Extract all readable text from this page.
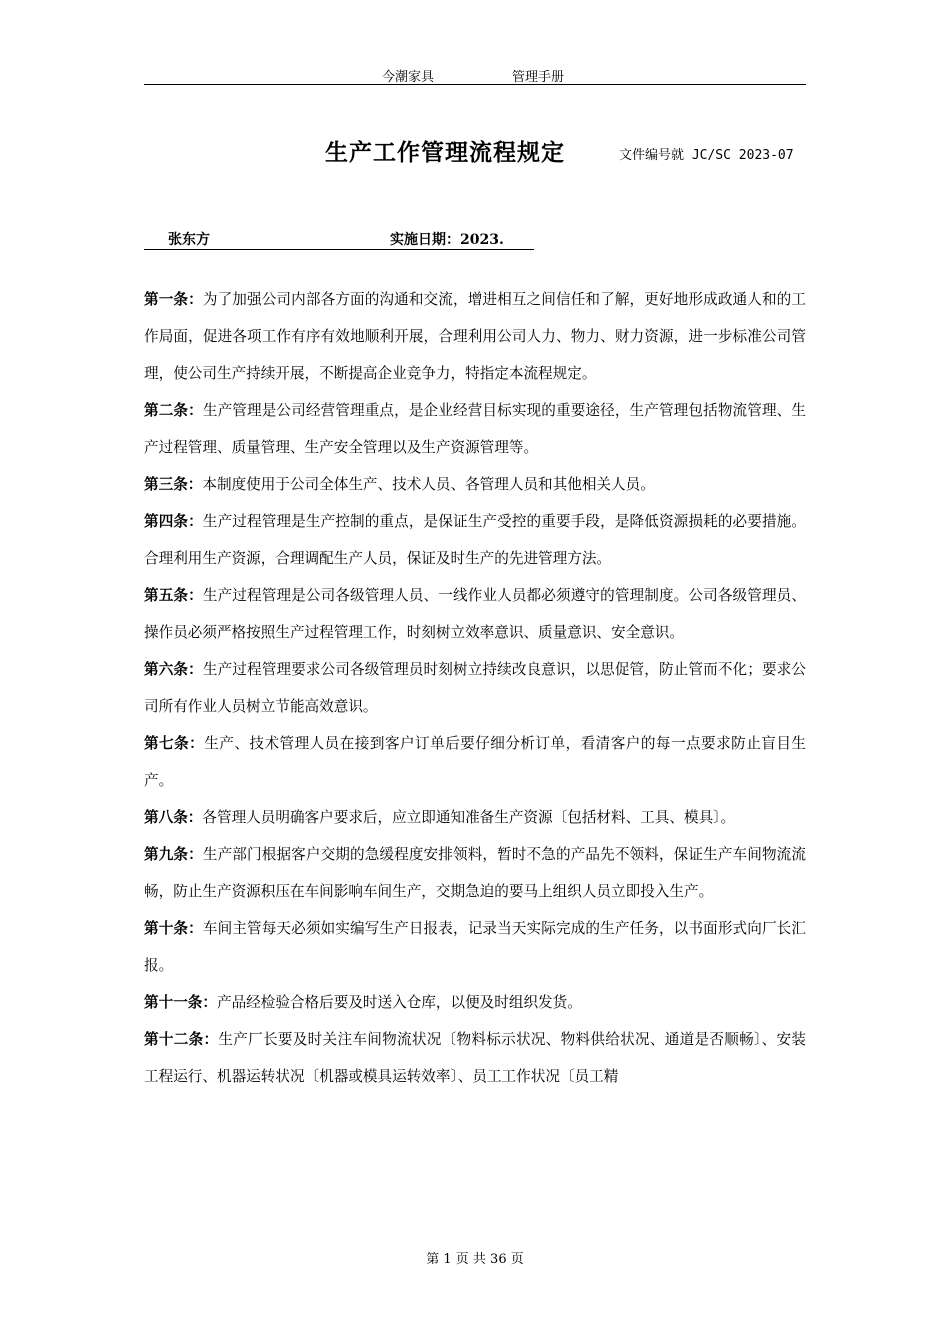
今潮家具	管理手册
生产工作管理流程规定	文件编号就 JC/SC 2023-07
张东方	实施日期：2023.

第一条：为了加强公司内部各方面的沟通和交流，增进相互之间信任和了解，更好地形成政通人和的工作局面，促进各项工作有序有效地顺利开展，合理利用公司人力、物力、财力资源，进一步标准公司管理，使公司生产持续开展，不断提高企业竞争力，特指定本流程规定。

第二条：生产管理是公司经营管理重点，是企业经营目标实现的重要途径，生产管理包括物流管理、生产过程管理、质量管理、生产安全管理以及生产资源管理等。

第三条：本制度使用于公司全体生产、技术人员、各管理人员和其他相关人员。

第四条：生产过程管理是生产控制的重点，是保证生产受控的重要手段，是降低资源损耗的必要措施。合理利用生产资源，合理调配生产人员，保证及时生产的先进管理方法。

第五条：生产过程管理是公司各级管理人员、一线作业人员都必须遵守的管理制度。公司各级管理员、操作员必须严格按照生产过程管理工作，时刻树立效率意识、质量意识、安全意识。

第六条：生产过程管理要求公司各级管理员时刻树立持续改良意识，以思促管，防止管而不化；要求公司所有作业人员树立节能高效意识。

第七条：生产、技术管理人员在接到客户订单后要仔细分析订单，看清客户的每一点要求防止盲目生产。

第八条：各管理人员明确客户要求后，应立即通知准备生产资源〔包括材料、工具、模具〕。

第九条：生产部门根据客户交期的急缓程度安排领料，暂时不急的产品先不领料，保证生产车间物流流畅，防止生产资源积压在车间影响车间生产，交期急迫的要马上组织人员立即投入生产。

第十条：车间主管每天必须如实编写生产日报表，记录当天实际完成的生产任务，以书面形式向厂长汇报。

第十一条：产品经检验合格后要及时送入仓库，以便及时组织发货。

第十二条：生产厂长要及时关注车间物流状况〔物料标示状况、物料供给状况、通道是否顺畅〕、安装工程运行、机器运转状况〔机器或模具运转效率〕、员工工作状况〔员工精

第 1 页 共 36 页
